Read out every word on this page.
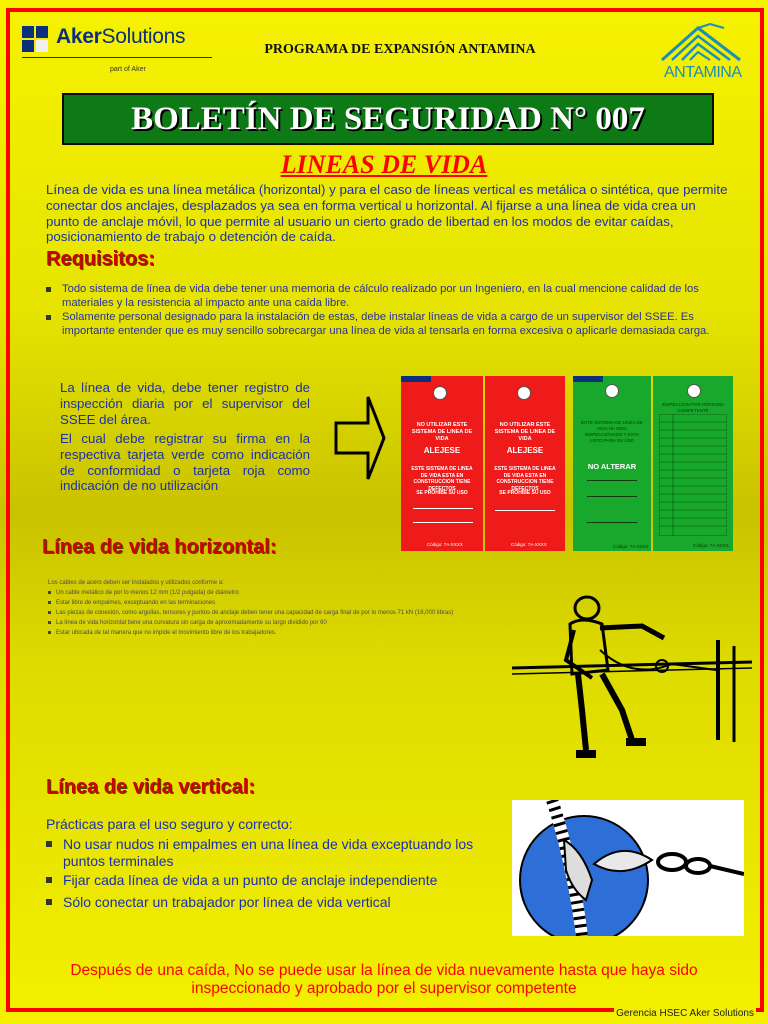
AkerSolutions
part of Aker
PROGRAMA DE EXPANSIÓN ANTAMINA
ANTAMINA
BOLETÍN DE SEGURIDAD N° 007
LINEAS DE VIDA
Línea de vida es una línea metálica (horizontal) y para el caso de líneas vertical es metálica o sintética, que permite conectar dos anclajes, desplazados ya sea en forma vertical u horizontal. Al fijarse a una línea de vida crea un punto de anclaje móvil, lo que permite al usuario un cierto grado de libertad en los modos de evitar caídas, posicionamiento de trabajo o detención de caída.
Requisitos:
Todo sistema de línea de vida debe tener una memoria de cálculo realizado por un Ingeniero, en la cual mencione calidad de los materiales y la resistencia al impacto ante una caída libre.
Solamente personal designado para la instalación de estas, debe instalar líneas de vida a cargo de un supervisor del SSEE. Es importante entender que es muy sencillo sobrecargar una línea de vida al tensarla en forma excesiva o aplicarle demasiada carga.
La línea de vida, debe tener registro de inspección diaria por el supervisor del SSEE del área.
El cual debe registrar su firma en la respectiva tarjeta verde como indicación de conformidad o tarjeta roja como indicación de no utilización
NO UTILIZAR ESTE SISTEMA DE LINEA DE VIDA
ALEJESE
ESTE SISTEMA DE LINEA DE VIDA ESTA EN CONSTRUCCION TIENE DEFECTOS
SE PROHIBE SU USO
Código: 7A-XXXX
NO UTILIZAR ESTE SISTEMA DE LINEA DE VIDA
ALEJESE
ESTE SISTEMA DE LINEA DE VIDA ESTA EN CONSTRUCCION TIENE DEFECTOS
SE PROHIBE SU USO
Código: 7A-XXXX
ESTE SISTEMA DE LINEA DE VIDA HA SIDO INSPECCIONADO Y ESTA LISTO PARA SU USO
NO ALTERAR
Código: 7A-XXXX
INSPECCION POR PERSONA COMPETENTE
Código: 7A-XXXX
Línea de vida horizontal:
Los cables de acero deben ser Instalados y utilizados conforme a:
Un cable metálico de por lo menos 12 mm (1/2 pulgada) de diámetro
Estar libre de empalmes, exceptuando en las terminaciones
Las piezas de conexión, como argollas, tensores y puntos de anclaje deben tener una capacidad de carga final de por lo menos 71 kN (16,000 libras)
La línea de vida horizontal tiene una curvatura sin carga de aproximadamente su largo dividido por 60
Estar ubicada de tal manera que no impide el movimiento libre de los trabajadores.
Línea de vida vertical:
Prácticas para el uso seguro y correcto:
No usar nudos ni empalmes en una línea de vida exceptuando los puntos terminales
Fijar cada línea de vida a un punto de anclaje independiente
Sólo conectar un trabajador por línea de vida vertical
Después de una caída, No se puede usar la línea de vida nuevamente hasta que haya sido inspeccionado y aprobado por el supervisor competente
Gerencia HSEC Aker Solutions
